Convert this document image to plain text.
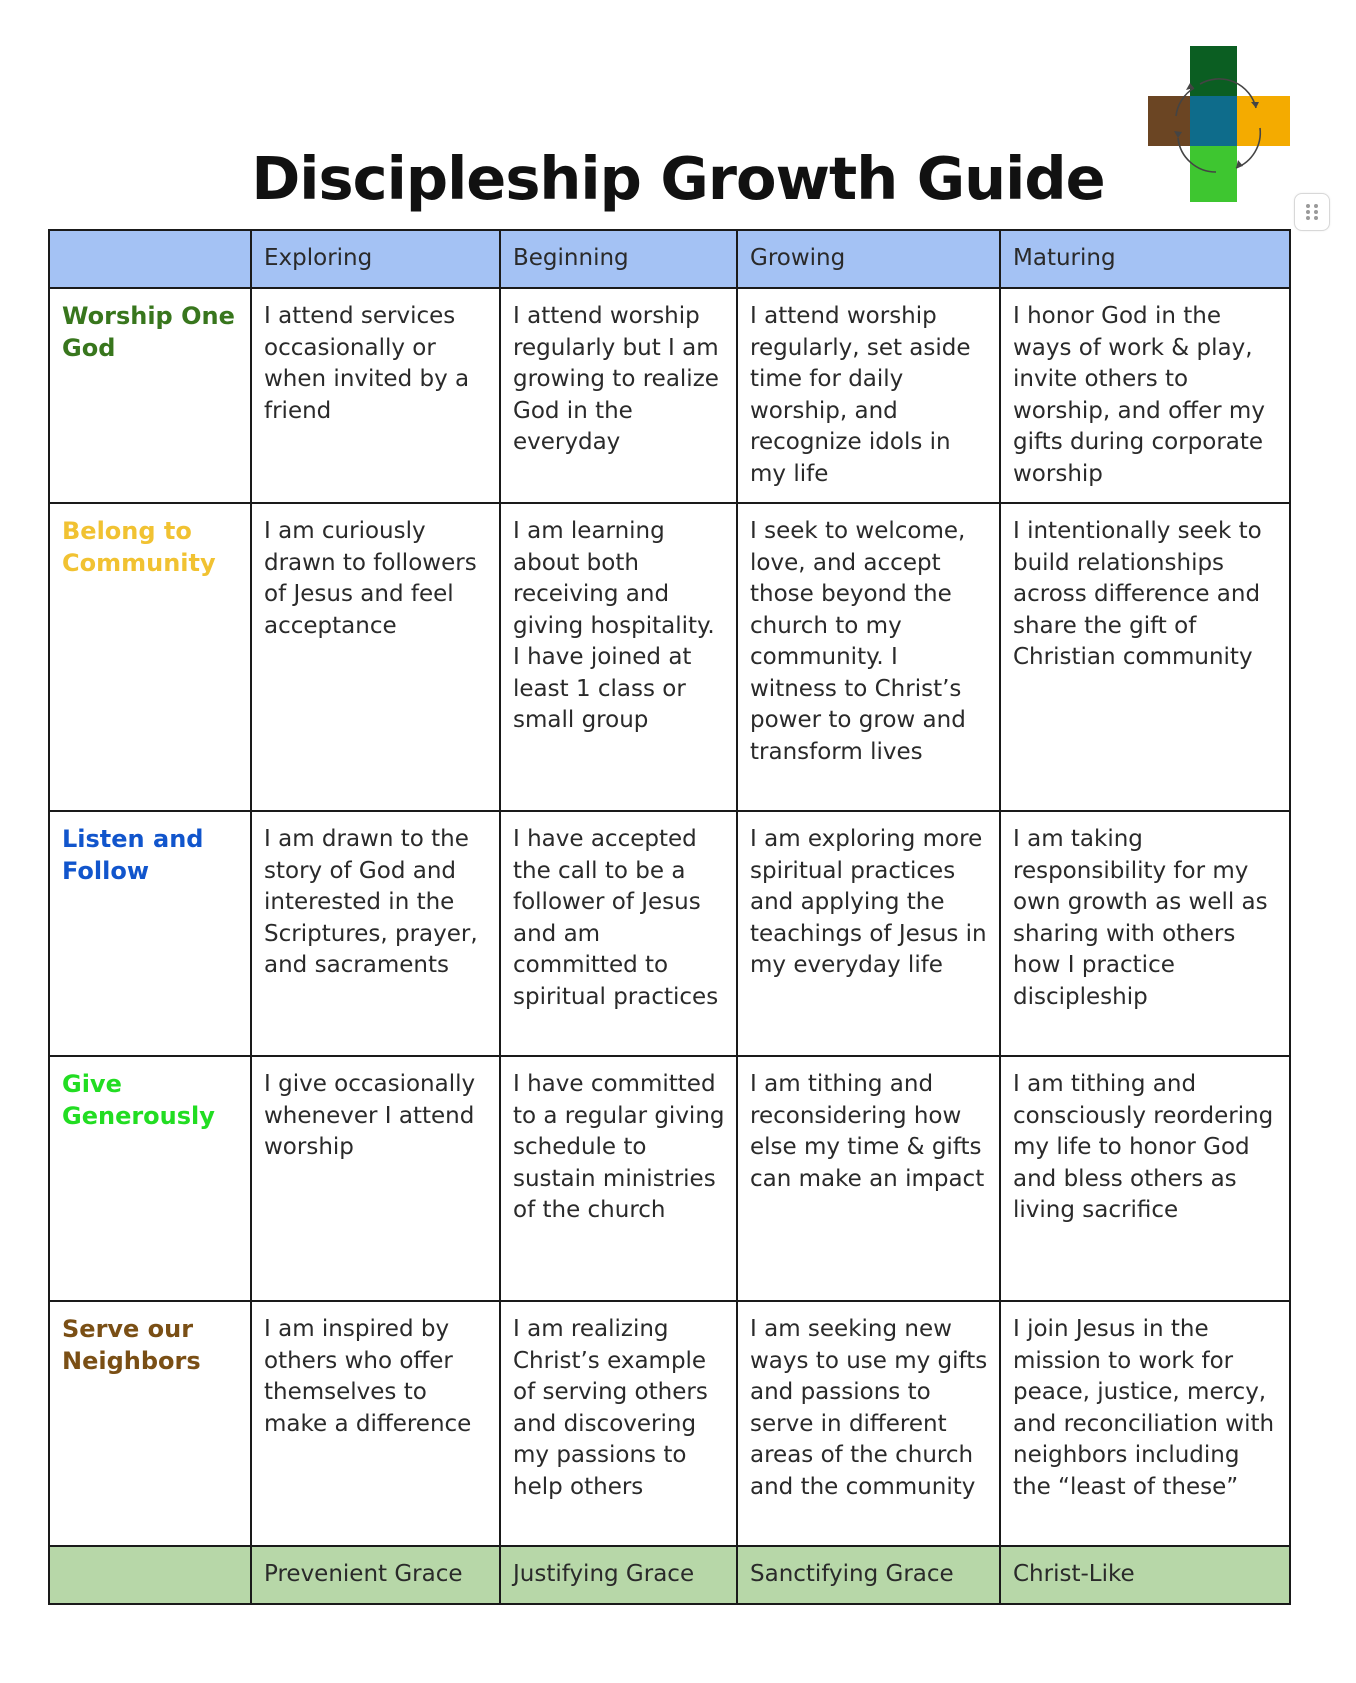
Discipleship Growth Guide
	Exploring	Beginning	Growing	Maturing
Worship One God	I attend services occasionally or when invited by a friend	I attend worship regularly but I am growing to realize God in the everyday	I attend worship regularly, set aside time for daily worship, and recognize idols in my life	I honor God in the ways of work & play, invite others to worship, and offer my gifts during corporate worship
Belong to Community	I am curiously drawn to followers of Jesus and feel acceptance	I am learning about both receiving and giving hospitality. I have joined at least 1 class or small group	I seek to welcome, love, and accept those beyond the church to my community. I witness to Christ’s power to grow and transform lives	I intentionally seek to build relationships across difference and share the gift of Christian community
Listen and Follow	I am drawn to the story of God and interested in the Scriptures, prayer, and sacraments	I have accepted the call to be a follower of Jesus and am committed to spiritual practices	I am exploring more spiritual practices and applying the teachings of Jesus in my everyday life	I am taking responsibility for my own growth as well as sharing with others how I practice discipleship
Give Generously	I give occasionally whenever I attend worship	I have committed to a regular giving schedule to sustain ministries of the church	I am tithing and reconsidering how else my time & gifts can make an impact	I am tithing and consciously reordering my life to honor God and bless others as living sacrifice
Serve our Neighbors	I am inspired by others who offer themselves to make a difference	I am realizing Christ’s example of serving others and discovering my passions to help others	I am seeking new ways to use my gifts and passions to serve in different areas of the church and the community	I join Jesus in the mission to work for peace, justice, mercy, and reconciliation with neighbors including the “least of these”
	Prevenient Grace	Justifying Grace	Sanctifying Grace	Christ-Like
